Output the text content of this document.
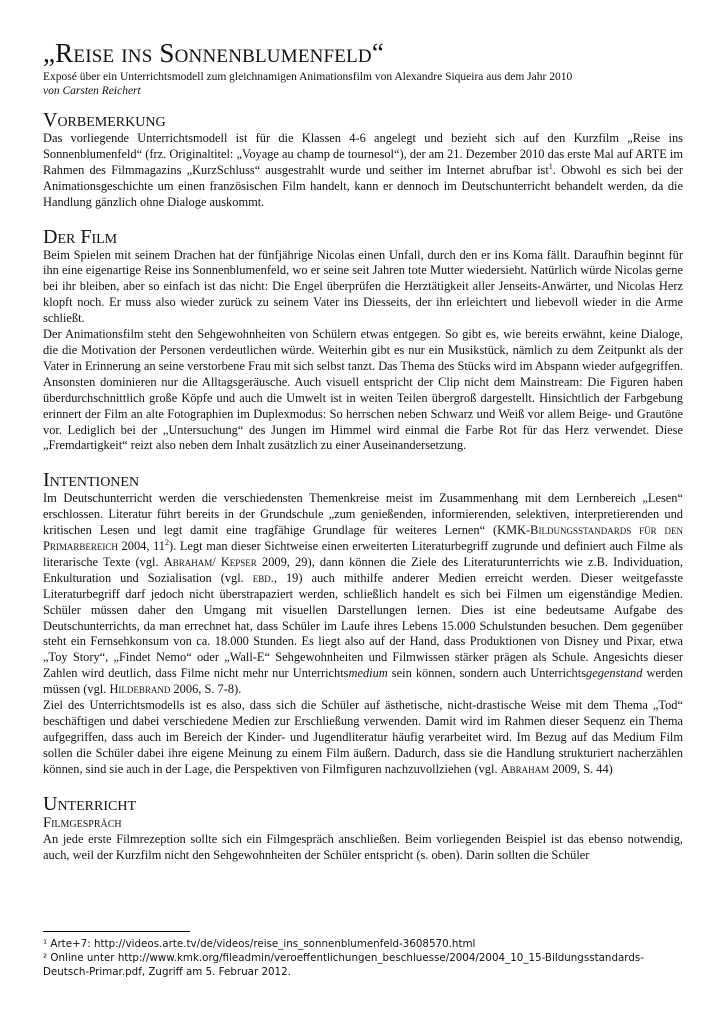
„Reise ins Sonnenblumenfeld“
Exposé über ein Unterrichtsmodell zum gleichnamigen Animationsfilm von Alexandre Siqueira aus dem Jahr 2010
von Carsten Reichert
Vorbemerkung

Das vorliegende Unterrichtsmodell ist für die Klassen 4-6 angelegt und bezieht sich auf den Kurzfilm „Reise ins Sonnenblumenfeld“ (frz. Originaltitel: „Voyage au champ de tournesol“), der am 21. Dezember 2010 das erste Mal auf ARTE im Rahmen des Filmmagazins „KurzSchluss“ ausgestrahlt wurde und seither im Internet abrufbar ist$^1$. Obwohl es sich bei der Animationsgeschichte um einen französischen Film handelt, kann er dennoch im Deutschunterricht behandelt werden, da die Handlung gänzlich ohne Dialoge auskommt.

Der Film

Beim Spielen mit seinem Drachen hat der fünfjährige Nicolas einen Unfall, durch den er ins Koma fällt. Daraufhin beginnt für ihn eine eigenartige Reise ins Sonnenblumenfeld, wo er seine seit Jahren tote Mutter wiedersieht. Natürlich würde Nicolas gerne bei ihr bleiben, aber so einfach ist das nicht: Die Engel überprüfen die Herztätigkeit aller Jenseits-Anwärter, und Nicolas Herz klopft noch. Er muss also wieder zurück zu seinem Vater ins Diesseits, der ihn erleichtert und liebevoll wieder in die Arme schließt.

Der Animationsfilm steht den Sehgewohnheiten von Schülern etwas entgegen. So gibt es, wie bereits erwähnt, keine Dialoge, die die Motivation der Personen verdeutlichen würde. Weiterhin gibt es nur ein Musikstück, nämlich zu dem Zeitpunkt als der Vater in Erinnerung an seine verstorbene Frau mit sich selbst tanzt. Das Thema des Stücks wird im Abspann wieder aufgegriffen. Ansonsten dominieren nur die Alltagsgeräusche. Auch visuell entspricht der Clip nicht dem Mainstream: Die Figuren haben überdurchschnittlich große Köpfe und auch die Umwelt ist in weiten Teilen übergroß dargestellt. Hinsichtlich der Farbgebung erinnert der Film an alte Fotographien im Duplexmodus: So herrschen neben Schwarz und Weiß vor allem Beige- und Grautöne vor. Lediglich bei der „Untersuchung“ des Jungen im Himmel wird einmal die Farbe Rot für das Herz verwendet. Diese „Fremdartigkeit“ reizt also neben dem Inhalt zusätzlich zu einer Auseinandersetzung.

Intentionen

Im Deutschunterricht werden die verschiedensten Themenkreise meist im Zusammenhang mit dem Lernbereich „Lesen“ erschlossen. Literatur führt bereits in der Grundschule „zum genießenden, informierenden, selektiven, interpretierenden und kritischen Lesen und legt damit eine tragfähige Grundlage für weiteres Lernen“ (KMK-Bildungsstandards für den Primarbereich 2004, $11^2$). Legt man dieser Sichtweise einen erweiterten Literaturbegriff zugrunde und definiert auch Filme als literarische Texte (vgl. Abraham/ Kepser 2009, 29), dann können die Ziele des Literaturunterrichts wie z.B. Individuation, Enkulturation und Sozialisation (vgl. ebd., 19) auch mithilfe anderer Medien erreicht werden. Dieser weitgefasste Literaturbegriff darf jedoch nicht überstrapaziert werden, schließlich handelt es sich bei Filmen um eigenständige Medien. Schüler müssen daher den Umgang mit visuellen Darstellungen lernen. Dies ist eine bedeutsame Aufgabe des Deutschunterrichts, da man errechnet hat, dass Schüler im Laufe ihres Lebens 15.000 Schulstunden besuchen. Dem gegenüber steht ein Fernsehkonsum von ca. 18.000 Stunden. Es liegt also auf der Hand, dass Produktionen von Disney und Pixar, etwa „Toy Story“, „Findet Nemo“ oder „Wall-E“ Sehgewohnheiten und Filmwissen stärker prägen als Schule. Angesichts dieser Zahlen wird deutlich, dass Filme nicht mehr nur Unterrichtsmedium sein können, sondern auch Unterrichtsgegenstand werden müssen (vgl. Hildebrand 2006, S. 7-8).

Ziel des Unterrichtsmodells ist es also, dass sich die Schüler auf ästhetische, nicht-drastische Weise mit dem Thema „Tod“ beschäftigen und dabei verschiedene Medien zur Erschließung verwenden. Damit wird im Rahmen dieser Sequenz ein Thema aufgegriffen, dass auch im Bereich der Kinder- und Jugendliteratur häufig verarbeitet wird. Im Bezug auf das Medium Film sollen die Schüler dabei ihre eigene Meinung zu einem Film äußern. Dadurch, dass sie die Handlung strukturiert nacherzählen können, sind sie auch in der Lage, die Perspektiven von Filmfiguren nachzuvollziehen (vgl. Abraham 2009, S. 44)

Unterricht
Filmgespräch

An jede erste Filmrezeption sollte sich ein Filmgespräch anschließen. Beim vorliegenden Beispiel ist das ebenso notwendig, auch, weil der Kurzfilm nicht den Sehgewohnheiten der Schüler entspricht (s. oben). Darin sollten die Schüler

¹ Arte+7: http://videos.arte.tv/de/videos/reise_ins_sonnenblumenfeld-3608570.html
² Online unter http://www.kmk.org/fileadmin/veroeffentlichungen_beschluesse/2004/2004_10_15-Bildungsstandards-
Deutsch-Primar.pdf, Zugriff am 5. Februar 2012.
